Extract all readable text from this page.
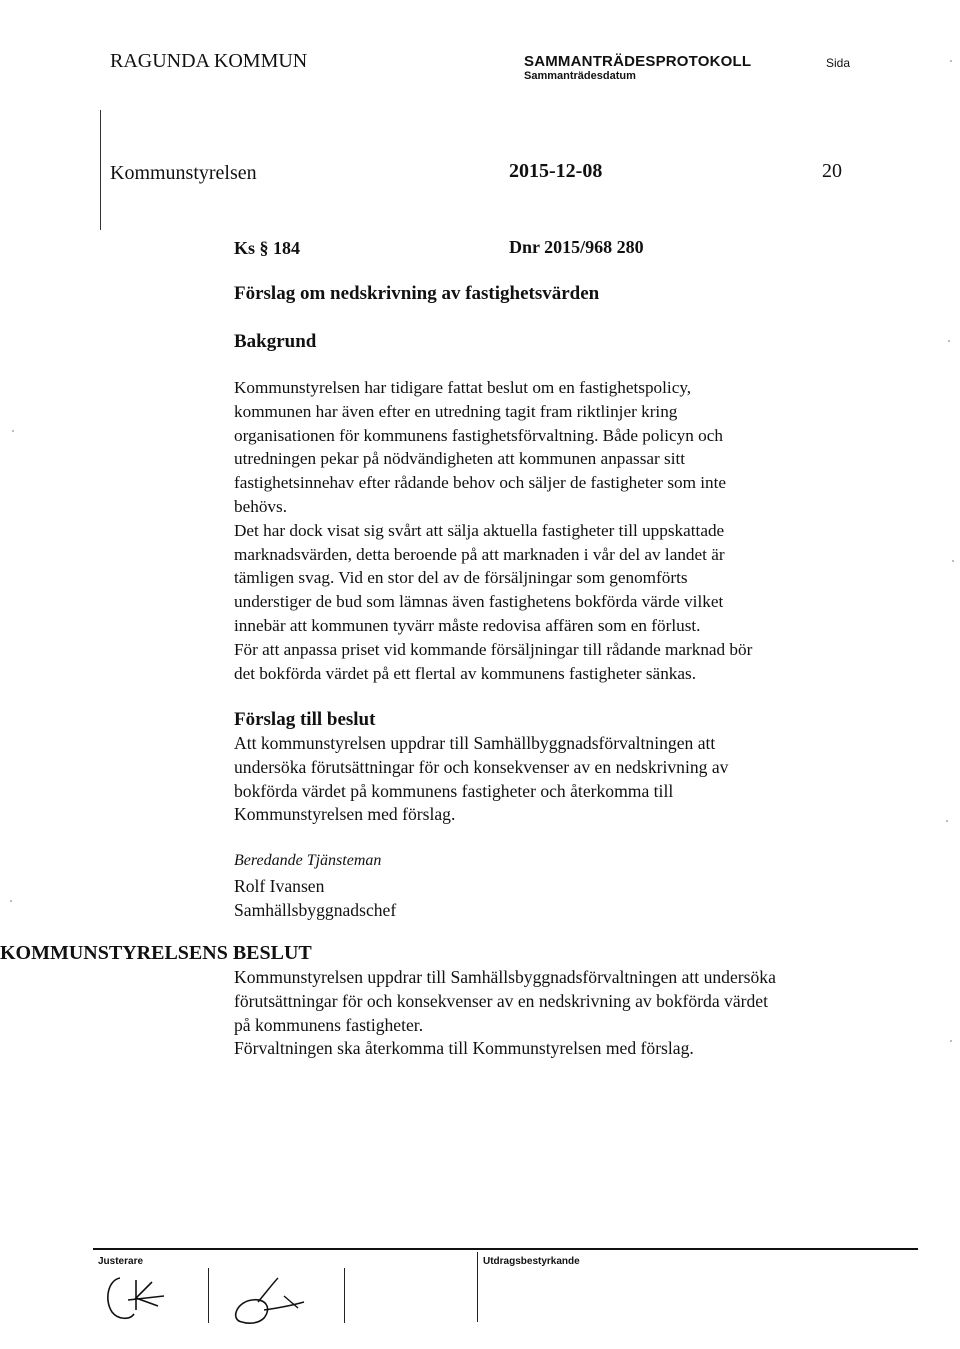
RAGUNDA KOMMUN	SAMMANTRÄDESPROTOKOLL
Sammanträdesdatum
Sida
Kommunstyrelsen	2015-12-08	20
Ks § 184	Dnr 2015/968 280
Förslag om nedskrivning av fastighetsvärden
Bakgrund
Kommunstyrelsen har tidigare fattat beslut om en fastighetspolicy,
kommunen har även efter en utredning tagit fram riktlinjer kring
organisationen för kommunens fastighetsförvaltning. Både policyn och
utredningen pekar på nödvändigheten att kommunen anpassar sitt
fastighetsinnehav efter rådande behov och säljer de fastigheter som inte
behövs.
Det har dock visat sig svårt att sälja aktuella fastigheter till uppskattade
marknadsvärden, detta beroende på att marknaden i vår del av landet är
tämligen svag. Vid en stor del av de försäljningar som genomförts
understiger de bud som lämnas även fastighetens bokförda värde vilket
innebär att kommunen tyvärr måste redovisa affären som en förlust.
För att anpassa priset vid kommande försäljningar till rådande marknad bör
det bokförda värdet på ett flertal av kommunens fastigheter sänkas.
Förslag till beslut
Att kommunstyrelsen uppdrar till Samhällbyggnadsförvaltningen att
undersöka förutsättningar för och konsekvenser av en nedskrivning av
bokförda värdet på kommunens fastigheter och återkomma till
Kommunstyrelsen med förslag.
Beredande Tjänsteman
Rolf Ivansen
Samhällsbyggnadschef
KOMMUNSTYRELSENS BESLUT
Kommunstyrelsen uppdrar till Samhällsbyggnadsförvaltningen att undersöka
förutsättningar för och konsekvenser av en nedskrivning av bokförda värdet
på kommunens fastigheter.
Förvaltningen ska återkomma till Kommunstyrelsen med förslag.
Justerare	Utdragsbestyrkande
